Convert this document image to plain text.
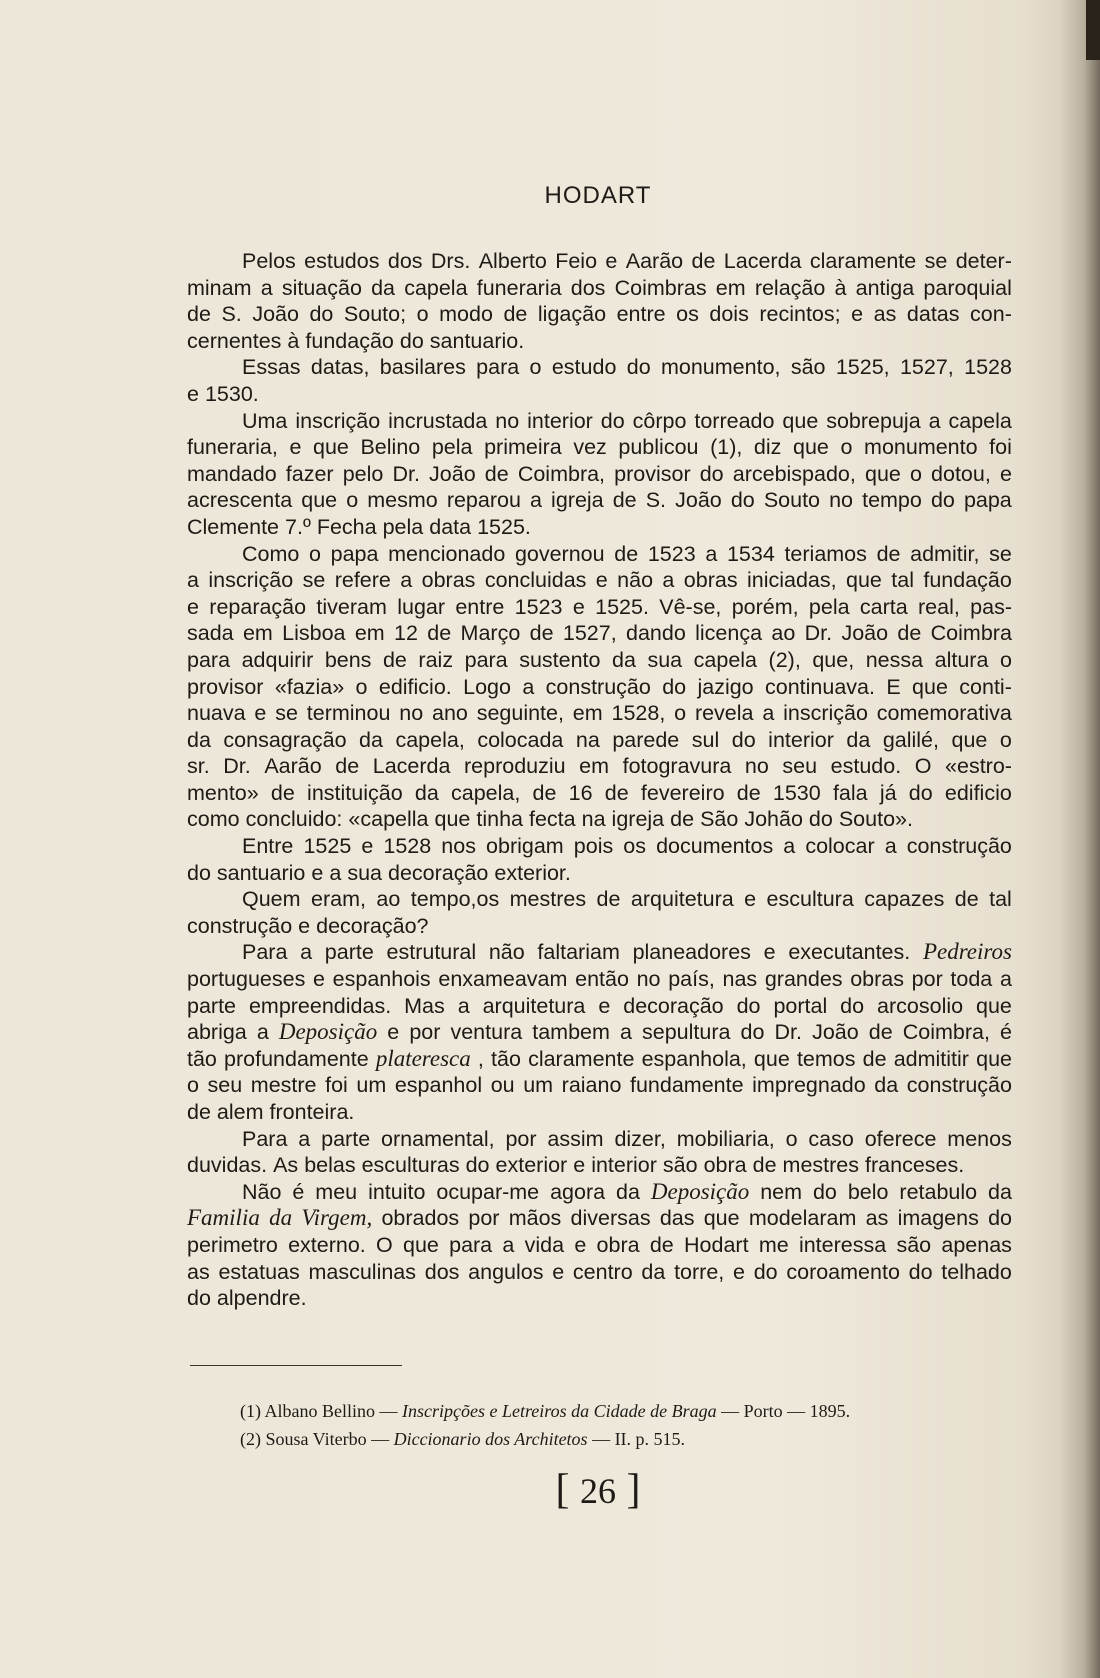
HODART
Pelos estudos dos Drs. Alberto Feio e Aarão de Lacerda claramente se deter-
minam a situação da capela funeraria dos Coimbras em relação à antiga paroquial
de S. João do Souto; o modo de ligação entre os dois recintos; e as datas con-
cernentes à fundação do santuario.
Essas datas, basilares para o estudo do monumento, são 1525, 1527, 1528
e 1530.
Uma inscrição incrustada no interior do côrpo torreado que sobrepuja a capela
funeraria, e que Belino pela primeira vez publicou (1), diz que o monumento foi
mandado fazer pelo Dr. João de Coimbra, provisor do arcebispado, que o dotou, e
acrescenta que o mesmo reparou a igreja de S. João do Souto no tempo do papa
Clemente 7.º Fecha pela data 1525.
Como o papa mencionado governou de 1523 a 1534 teriamos de admitir, se
a inscrição se refere a obras concluidas e não a obras iniciadas, que tal fundação
e reparação tiveram lugar entre 1523 e 1525. Vê-se, porém, pela carta real, pas-
sada em Lisboa em 12 de Março de 1527, dando licença ao Dr. João de Coimbra
para adquirir bens de raiz para sustento da sua capela (2), que, nessa altura o
provisor «fazia» o edificio. Logo a construção do jazigo continuava. E que conti-
nuava e se terminou no ano seguinte, em 1528, o revela a inscrição comemorativa
da consagração da capela, colocada na parede sul do interior da galilé, que o
sr. Dr. Aarão de Lacerda reproduziu em fotogravura no seu estudo. O «estro-
mento» de instituição da capela, de 16 de fevereiro de 1530 fala já do edificio
como concluido: «capella que tinha fecta na igreja de São Johão do Souto».
Entre 1525 e 1528 nos obrigam pois os documentos a colocar a construção
do santuario e a sua decoração exterior.
Quem eram, ao tempo,os mestres de arquitetura e escultura capazes de tal
construção e decoração?
Para a parte estrutural não faltariam planeadores e executantes. Pedreiros
portugueses e espanhois enxameavam então no país, nas grandes obras por toda a
parte empreendidas. Mas a arquitetura e decoração do portal do arcosolio que
abriga a Deposição e por ventura tambem a sepultura do Dr. João de Coimbra, é
tão profundamente plateresca , tão claramente espanhola, que temos de admititir que
o seu mestre foi um espanhol ou um raiano fundamente impregnado da construção
de alem fronteira.
Para a parte ornamental, por assim dizer, mobiliaria, o caso oferece menos
duvidas. As belas esculturas do exterior e interior são obra de mestres franceses.
Não é meu intuito ocupar-me agora da Deposição nem do belo retabulo da
Familia da Virgem, obrados por mãos diversas das que modelaram as imagens do
perimetro externo. O que para a vida e obra de Hodart me interessa são apenas
as estatuas masculinas dos angulos e centro da torre, e do coroamento do telhado
do alpendre.
(1) Albano Bellino — Inscripções e Letreiros da Cidade de Braga — Porto — 1895.
(2) Sousa Viterbo — Diccionario dos Architetos — II. p. 515.
[ 26 ]
